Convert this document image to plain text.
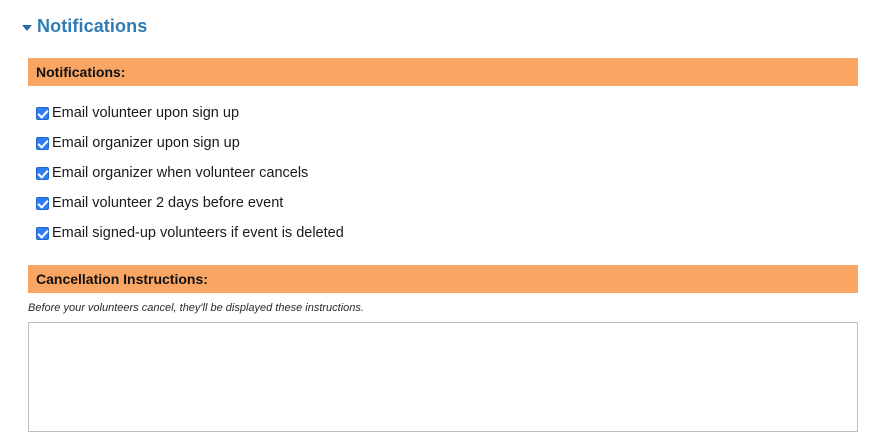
Notifications
Notifications:
Email volunteer upon sign up
Email organizer upon sign up
Email organizer when volunteer cancels
Email volunteer 2 days before event
Email signed-up volunteers if event is deleted
Cancellation Instructions:
Before your volunteers cancel, they'll be displayed these instructions.
